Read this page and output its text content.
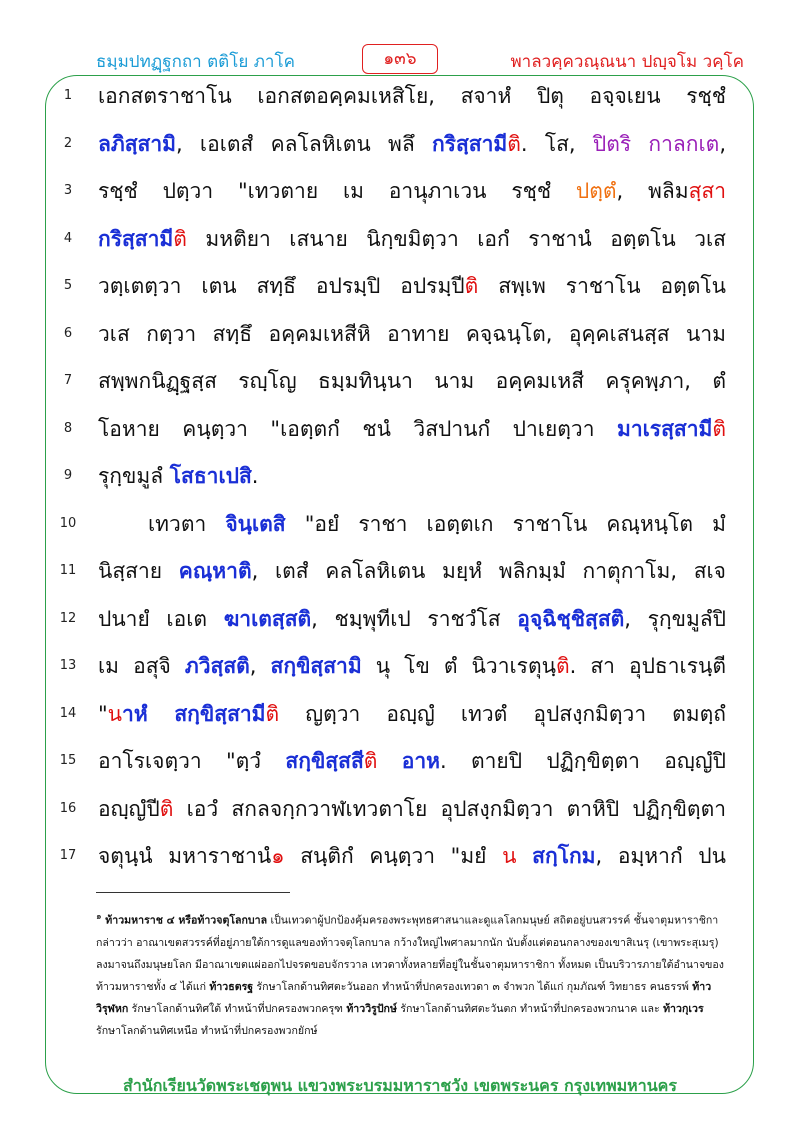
ธมฺมปทฏฺฐกถา ตติโย ภาโค	๑๓๖	พาลวคฺควณฺณนา ปญฺจโม วคฺโค
1	เอกสตราชาโน เอกสตอคฺคมเหสิโย, สจาหํ ปิตุ อจฺจเยน รชฺชํ
2	ลภิสฺสามิ, เอเตสํ คลโลหิเตน พลึ กริสฺสามีติ. โส, ปิตริ กาลกเต,
3	รชฺชํ ปตฺวา "เทวตาย เม อานุภาเวน รชฺชํ ปตฺตํ, พลิมสฺสา
4	กริสฺสามีติ มหติยา เสนาย นิกฺขมิตฺวา เอกํ ราชานํ อตฺตโน วเส
5	วตฺเตตฺวา เตน สทฺธึ อปรมฺปิ อปรมฺปีติ สพฺเพ ราชาโน อตฺตโน
6	วเส กตฺวา สทฺธึ อคฺคมเหสีหิ อาทาย คจฺฉนฺโต, อุคฺคเสนสฺส นาม
7	สพฺพกนิฏฺฐสฺส รญฺโญ ธมฺมทินฺนา นาม อคฺคมเหสี ครุคพฺภา, ตํ
8	โอหาย คนฺตฺวา "เอตฺตกํ ชนํ วิสปานกํ ปาเยตฺวา มาเรสฺสามีติ
9	รุกฺขมูลํ โสธาเปสิ.
10	เทวตา จินฺเตสิ "อยํ ราชา เอตฺตเก ราชาโน คณฺหนฺโต มํ
11	นิสฺสาย คณฺหาติ, เตสํ คลโลหิเตน มยฺหํ พลิกมฺมํ กาตุกาโม, สเจ
12	ปนายํ เอเต ฆาเตสฺสติ, ชมฺพุทีเป ราชวํโส อุจฺฉิชฺชิสฺสติ, รุกฺขมูลํปิ
13	เม อสุจิ ภวิสฺสติ, สกฺขิสฺสามิ นุ โข ตํ นิวาเรตุนฺติ. สา อุปธาเรนฺตี
14	"นาหํ สกฺขิสฺสามีติ ญตฺวา อญฺญํ เทวตํ อุปสงฺกมิตฺวา ตมตฺถํ
15	อาโรเจตฺวา "ตฺวํ สกฺขิสฺสสีติ อาห. ตายปิ ปฏิกฺขิตฺตา อญฺญํปิ
16	อญฺญํปีติ เอวํ สกลจกฺกวาฬเทวตาโย อุปสงฺกมิตฺวา ตาหิปิ ปฏิกฺขิตฺตา
17	จตุนฺนํ มหาราชานํ๑ สนฺติกํ คนฺตฺวา "มยํ น สกฺโกม, อมฺหากํ ปน
$^๑$ ท้าวมหาราช ๔ หรือท้าวจตุโลกบาล เป็นเทวดาผู้ปกป้องคุ้มครองพระพุทธศาสนาและดูแลโลกมนุษย์ สถิตอยู่บนสวรรค์ ชั้นจาตุมหาราชิกา กล่าวว่า อาณาเขตสวรรค์ที่อยู่ภายใต้การดูแลของท้าวจตุโลกบาล กว้างใหญ่ไพศาลมากนัก นับตั้งแต่ตอนกลางของเขาสิเนรุ (เขาพระสุเมรุ) ลงมาจนถึงมนุษยโลก มีอาณาเขตแผ่ออกไปจรดขอบจักรวาล เทวดาทั้งหลายที่อยู่ในชั้นจาตุมหาราชิกา ทั้งหมด เป็นบริวารภายใต้อำนาจของท้าวมหาราชทั้ง ๔ ได้แก่ ท้าวธตรฐ รักษาโลกด้านทิศตะวันออก ทำหน้าที่ปกครองเทวดา ๓ จำพวก ได้แก่ กุมภัณฑ์ วิทยาธร คนธรรพ์ ท้าววิรุฬหก รักษาโลกด้านทิศใต้ ทำหน้าที่ปกครองพวกครุฑ ท้าววิรูปักษ์ รักษาโลกด้านทิศตะวันตก ทำหน้าที่ปกครองพวกนาค และ ท้าวกุเวร รักษาโลกด้านทิศเหนือ ทำหน้าที่ปกครองพวกยักษ์
สำนักเรียนวัดพระเชตุพน แขวงพระบรมมหาราชวัง เขตพระนคร กรุงเทพมหานคร
